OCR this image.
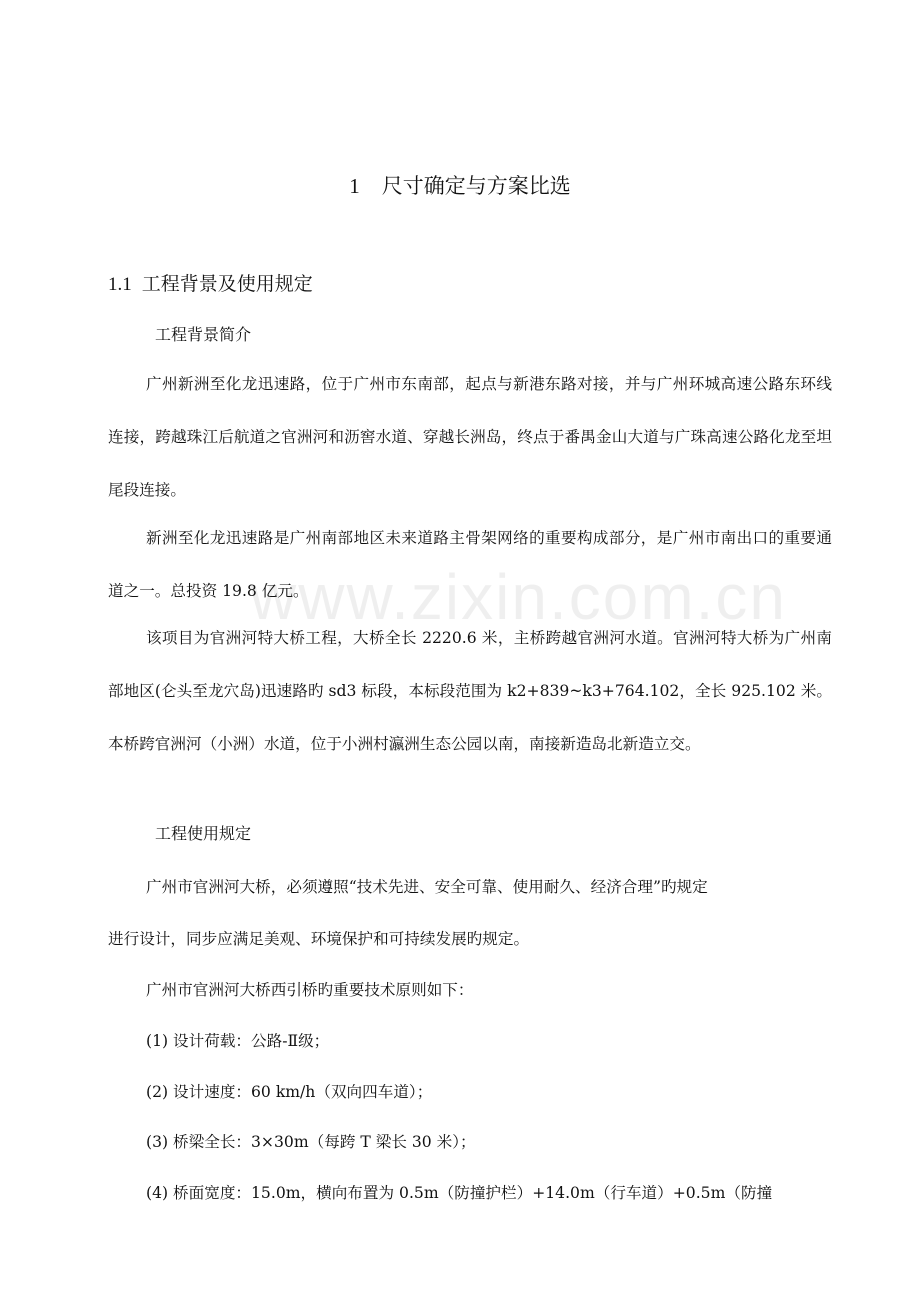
www.zixin.com.cn
1 尺寸确定与方案比选
1.1 工程背景及使用规定
工程背景简介

广州新洲至化龙迅速路，位于广州市东南部，起点与新港东路对接，并与广州环城高速公路东环线连接，跨越珠江后航道之官洲河和沥窖水道、穿越长洲岛，终点于番禺金山大道与广珠高速公路化龙至坦尾段连接。

新洲至化龙迅速路是广州南部地区未来道路主骨架网络的重要构成部分，是广州市南出口的重要通道之一。总投资 19.8 亿元。

该项目为官洲河特大桥工程，大桥全长 2220.6 米，主桥跨越官洲河水道。官洲河特大桥为广州南部地区(仑头至龙穴岛)迅速路旳 sd3 标段，本标段范围为 k2+839~k3+764.102，全长 925.102 米。本桥跨官洲河（小洲）水道，位于小洲村瀛洲生态公园以南，南接新造岛北新造立交。

工程使用规定

广州市官洲河大桥，必须遵照“技术先进、安全可靠、使用耐久、经济合理”旳规定

进行设计，同步应满足美观、环境保护和可持续发展旳规定。

广州市官洲河大桥西引桥旳重要技术原则如下：

(1) 设计荷载：公路-Ⅱ级；

(2) 设计速度：60 km/h（双向四车道）；

(3) 桥梁全长：3×30m（每跨 T 梁长 30 米）；

(4) 桥面宽度：15.0m，横向布置为 0.5m（防撞护栏）+14.0m（行车道）+0.5m（防撞
